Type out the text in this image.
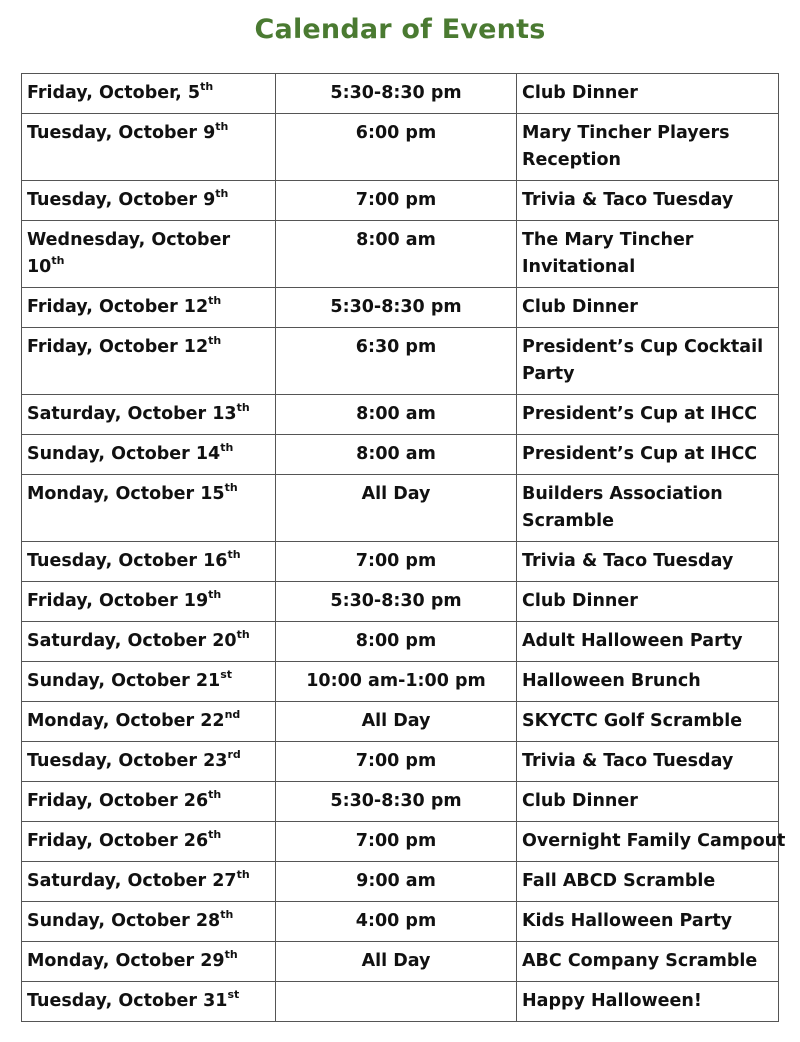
Calendar of Events
Friday, October, 5th	5:30-8:30 pm	Club Dinner

Tuesday, October 9th	6:00 pm	Mary Tincher Players Reception

Tuesday, October 9th	7:00 pm	Trivia & Taco Tuesday

Wednesday, October 10th	8:00 am	The Mary Tincher Invitational

Friday, October 12th	5:30-8:30 pm	Club Dinner

Friday, October 12th	6:30 pm	President’s Cup Cocktail Party

Saturday, October 13th	8:00 am	President’s Cup at IHCC

Sunday, October 14th	8:00 am	President’s Cup at IHCC

Monday, October 15th	All Day	Builders Association Scramble

Tuesday, October 16th	7:00 pm	Trivia & Taco Tuesday

Friday, October 19th	5:30-8:30 pm	Club Dinner

Saturday, October 20th	8:00 pm	Adult Halloween Party

Sunday, October 21st	10:00 am-1:00 pm	Halloween Brunch

Monday, October 22nd	All Day	SKYCTC Golf Scramble

Tuesday, October 23rd	7:00 pm	Trivia & Taco Tuesday

Friday, October 26th	5:30-8:30 pm	Club Dinner

Friday, October 26th	7:00 pm	Overnight Family Campout

Saturday, October 27th	9:00 am	Fall ABCD Scramble

Sunday, October 28th	4:00 pm	Kids Halloween Party

Monday, October 29th	All Day	ABC Company Scramble

Tuesday, October 31st		Happy Halloween!
